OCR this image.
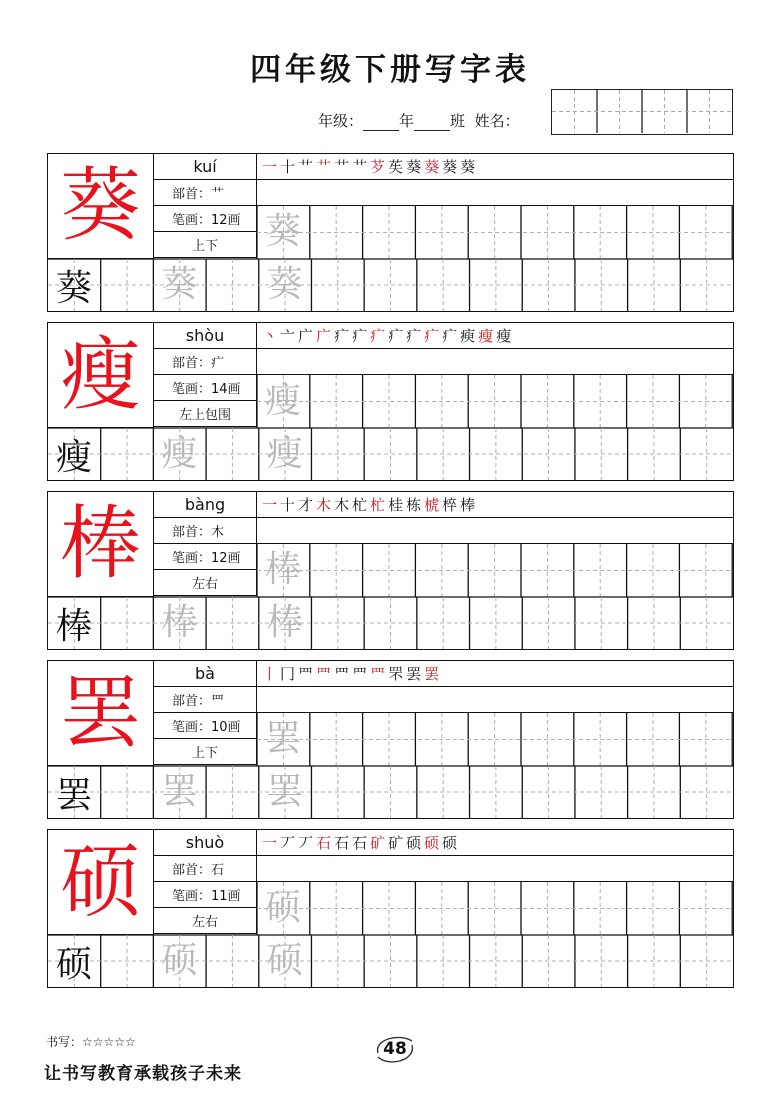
四年级下册写字表
年级： 年 班 姓名：
葵	kuí
部首：艹
笔画：12画
上下
一 十 艹 艹 艹 艹 芕 苵 葵 葵 葵 葵
葵
葵 葵 葵
瘦	shòu
部首：疒
笔画：14画
左上包围
丶 亠 广 广 疒 疒 疒 疒 疒 疒 疒 瘐 瘦 瘦
瘦
瘦 瘦 瘦
棒	bàng
部首：木
笔画：12画
左右
一 十 才 木 木 杧 杧 桂 栋 椃 椊 棒
棒
棒 棒 棒
罢	bà
部首：罒
笔画：10画
上下
丨 冂 罒 罒 罒 罒 罒 罘 罢 罢
罢
罢 罢 罢
硕	shuò
部首：石
笔画：11画
左右
一 丆 丆 石 石 石 矿 矿 硕 硕 硕
硕
硕 硕 硕
书写：☆☆☆☆☆	48
让书写教育承载孩子未来
